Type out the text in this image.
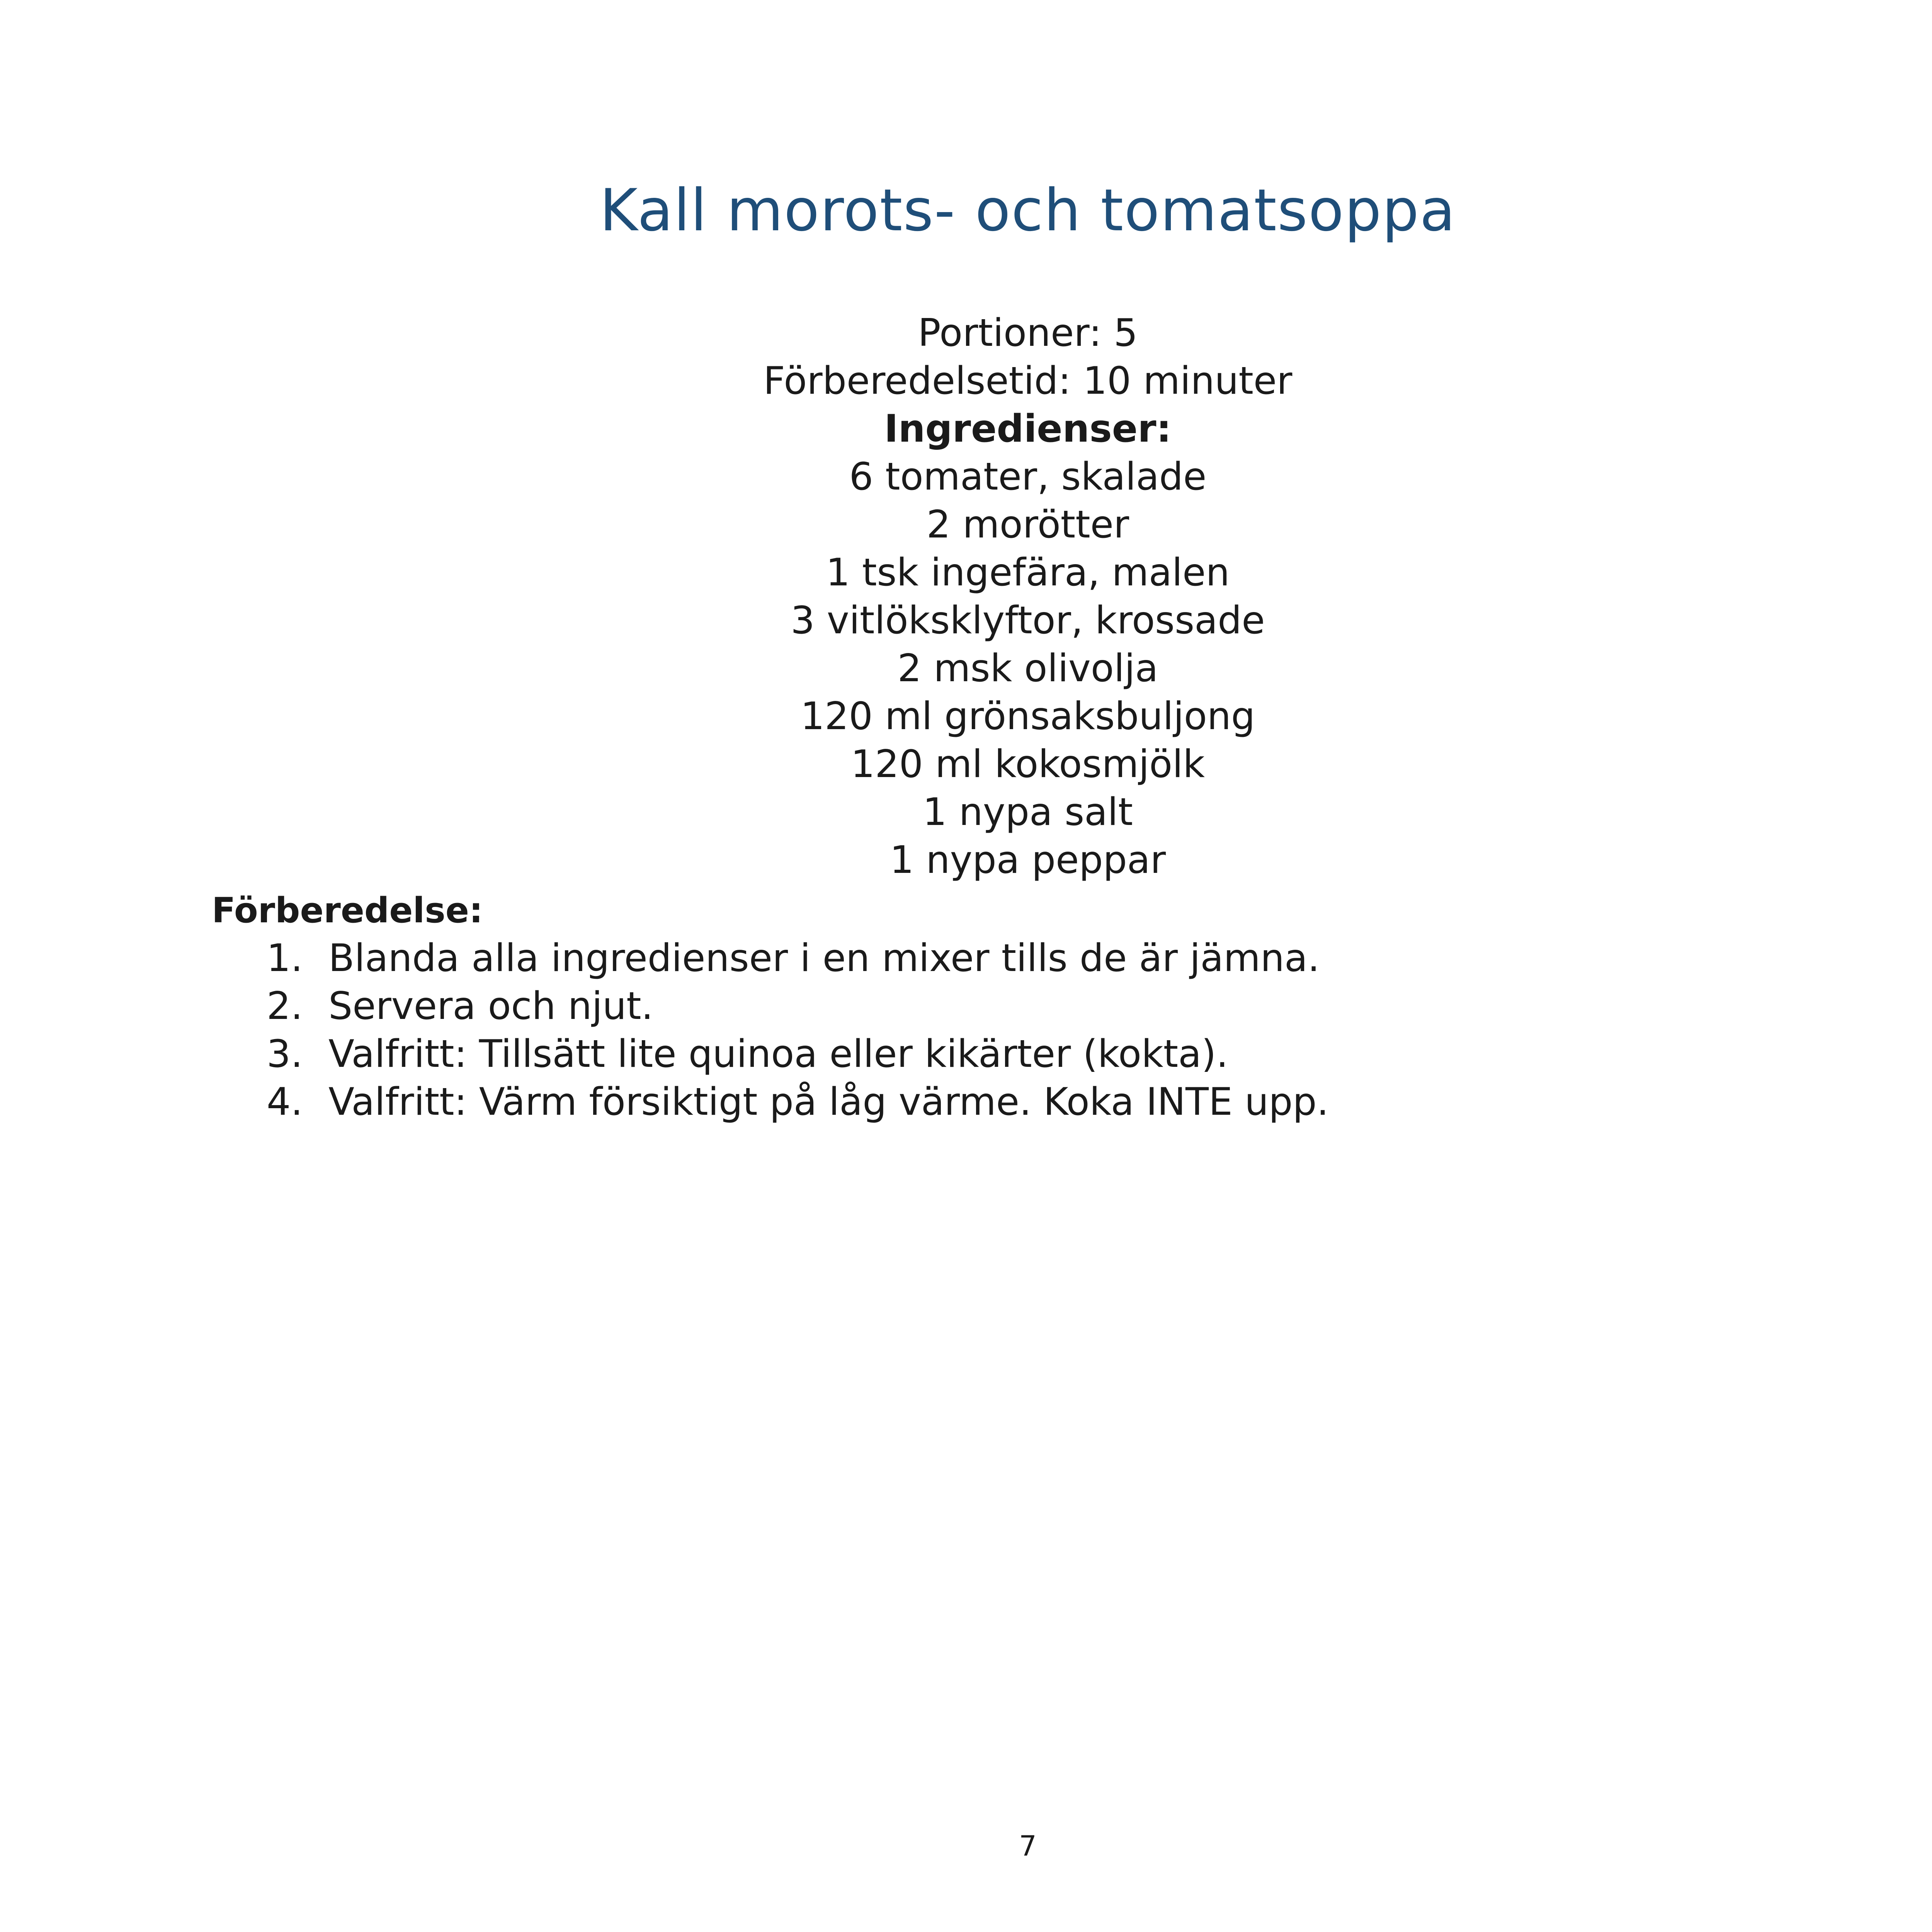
Kall morots- och tomatsoppa
Portioner: 5
Förberedelsetid: 10 minuter
Ingredienser:
6 tomater, skalade
2 morötter
1 tsk ingefära, malen
3 vitlöksklyftor, krossade
2 msk olivolja
120 ml grönsaksbuljong
120 ml kokosmjölk
1 nypa salt
1 nypa peppar
Förberedelse:
1. Blanda alla ingredienser i en mixer tills de är jämna.
2. Servera och njut.
3. Valfritt: Tillsätt lite quinoa eller kikärter (kokta).
4. Valfritt: Värm försiktigt på låg värme. Koka INTE upp.
7
